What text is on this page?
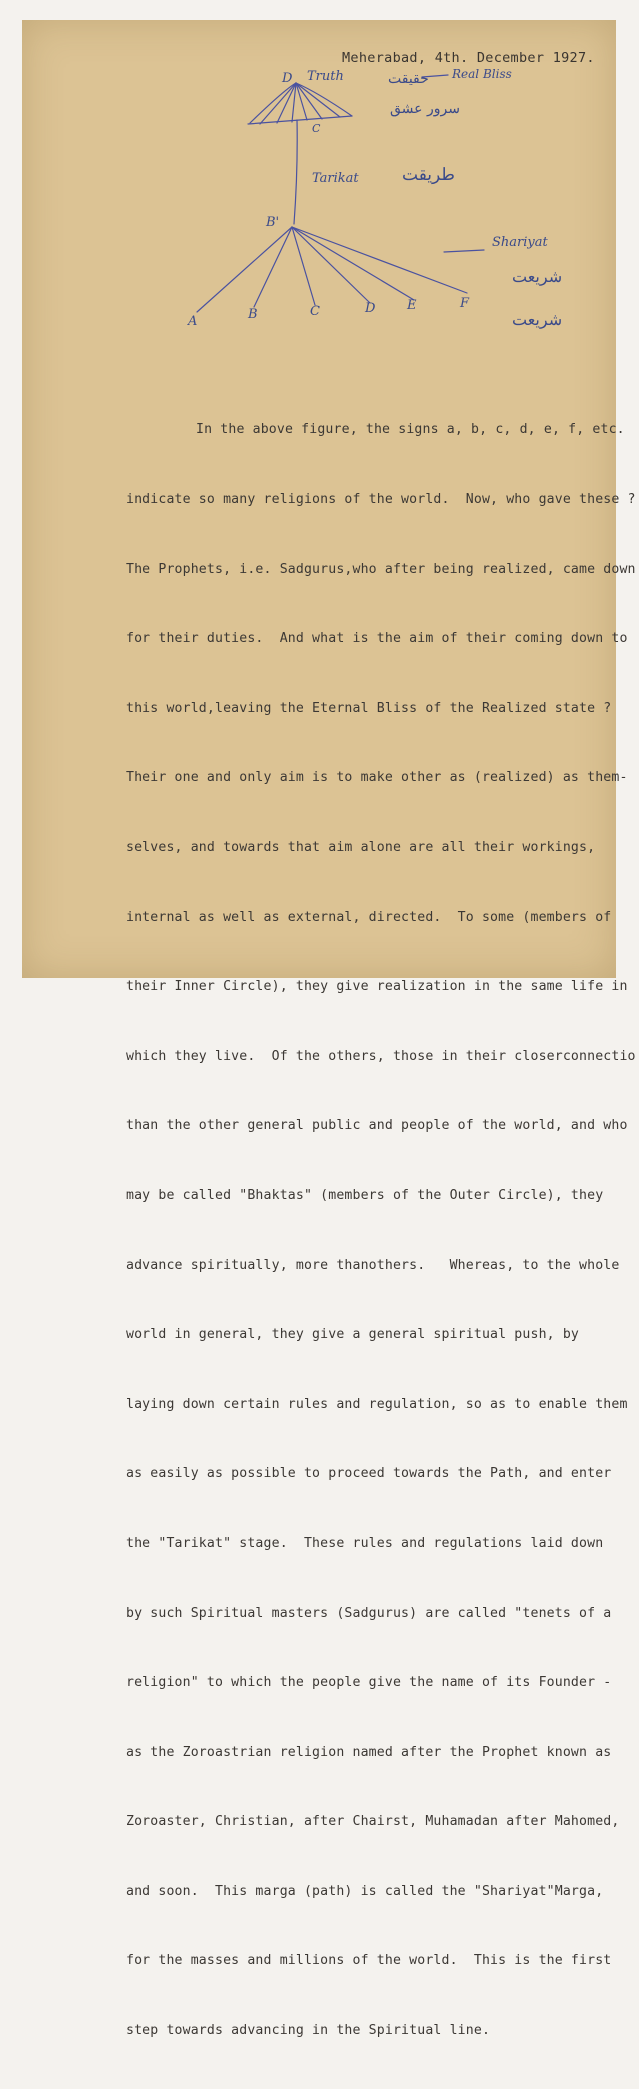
Meherabad, 4th. December 1927.
D Truth
C
Real Bliss
Tarikat
B'
Shariyat
A	B	C	D E	F
حقیقت
سرور عشق
طریقت
شریعت
شریعت

In the above figure, the signs a, b, c, d, e, f, etc.

indicate so many religions of the world.  Now, who gave these ?

The Prophets, i.e. Sadgurus,who after being realized, came down

for their duties.  And what is the aim of their coming down to

this world,leaving the Eternal Bliss of the Realized state ?

Their one and only aim is to make other as (realized) as them-

selves, and towards that aim alone are all their workings,

internal as well as external, directed.  To some (members of

their Inner Circle), they give realization in the same life in

which they live.  Of the others, those in their closerconnectio

than the other general public and people of the world, and who

may be called "Bhaktas" (members of the Outer Circle), they

advance spiritually, more thanothers.   Whereas, to the whole

world in general, they give a general spiritual push, by

laying down certain rules and regulation, so as to enable them

as easily as possible to proceed towards the Path, and enter

the "Tarikat" stage.  These rules and regulations laid down

by such Spiritual masters (Sadgurus) are called "tenets of a

religion" to which the people give the name of its Founder -

as the Zoroastrian religion named after the Prophet known as

Zoroaster, Christian, after Chairst, Muhamadan after Mahomed,

and soon.  This marga (path) is called the "Shariyat"Marga,

for the masses and millions of the world.  This is the first

step towards advancing in the Spiritual line.
